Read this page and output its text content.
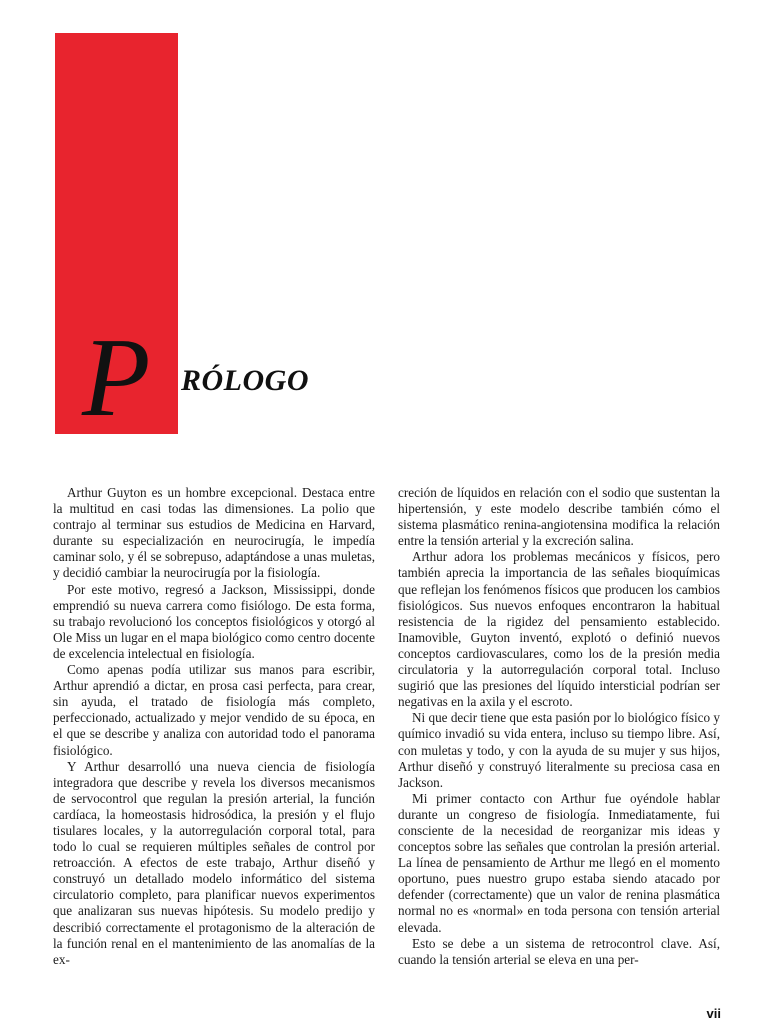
P RÓLOGO

Arthur Guyton es un hombre excepcional. Destaca entre la multitud en casi todas las dimensiones. La polio que contrajo al terminar sus estudios de Medicina en Harvard, durante su especialización en neurocirugía, le impedía caminar solo, y él se sobrepuso, adaptándose a unas muletas, y decidió cambiar la neurocirugía por la fisiología.

Por este motivo, regresó a Jackson, Mississippi, donde emprendió su nueva carrera como fisiólogo. De esta forma, su trabajo revolucionó los conceptos fisiológicos y otorgó al Ole Miss un lugar en el mapa biológico como centro docente de excelencia intelectual en fisiología.

Como apenas podía utilizar sus manos para escribir, Arthur aprendió a dictar, en prosa casi perfecta, para crear, sin ayuda, el tratado de fisiología más completo, perfeccionado, actualizado y mejor vendido de su época, en el que se describe y analiza con autoridad todo el panorama fisiológico.

Y Arthur desarrolló una nueva ciencia de fisiología integradora que describe y revela los diversos mecanismos de servocontrol que regulan la presión arterial, la función cardíaca, la homeostasis hidrosódica, la presión y el flujo tisulares locales, y la autorregulación corporal total, para todo lo cual se requieren múltiples señales de control por retroacción. A efectos de este trabajo, Arthur diseñó y construyó un detallado modelo informático del sistema circulatorio completo, para planificar nuevos experimentos que analizaran sus nuevas hipótesis. Su modelo predijo y describió correctamente el protagonismo de la alteración de la función renal en el mantenimiento de las anomalías de la ex-

creción de líquidos en relación con el sodio que sustentan la hipertensión, y este modelo describe también cómo el sistema plasmático renina-angiotensina modifica la relación entre la tensión arterial y la excreción salina.

Arthur adora los problemas mecánicos y físicos, pero también aprecia la importancia de las señales bioquímicas que reflejan los fenómenos físicos que producen los cambios fisiológicos. Sus nuevos enfoques encontraron la habitual resistencia de la rigidez del pensamiento establecido. Inamovible, Guyton inventó, explotó o definió nuevos conceptos cardiovasculares, como los de la presión media circulatoria y la autorregulación corporal total. Incluso sugirió que las presiones del líquido intersticial podrían ser negativas en la axila y el escroto.

Ni que decir tiene que esta pasión por lo biológico físico y químico invadió su vida entera, incluso su tiempo libre. Así, con muletas y todo, y con la ayuda de su mujer y sus hijos, Arthur diseñó y construyó literalmente su preciosa casa en Jackson.

Mi primer contacto con Arthur fue oyéndole hablar durante un congreso de fisiología. Inmediatamente, fui consciente de la necesidad de reorganizar mis ideas y conceptos sobre las señales que controlan la presión arterial. La línea de pensamiento de Arthur me llegó en el momento oportuno, pues nuestro grupo estaba siendo atacado por defender (correctamente) que un valor de renina plasmática normal no es «normal» en toda persona con tensión arterial elevada.

Esto se debe a un sistema de retrocontrol clave. Así, cuando la tensión arterial se eleva en una per-

vii
